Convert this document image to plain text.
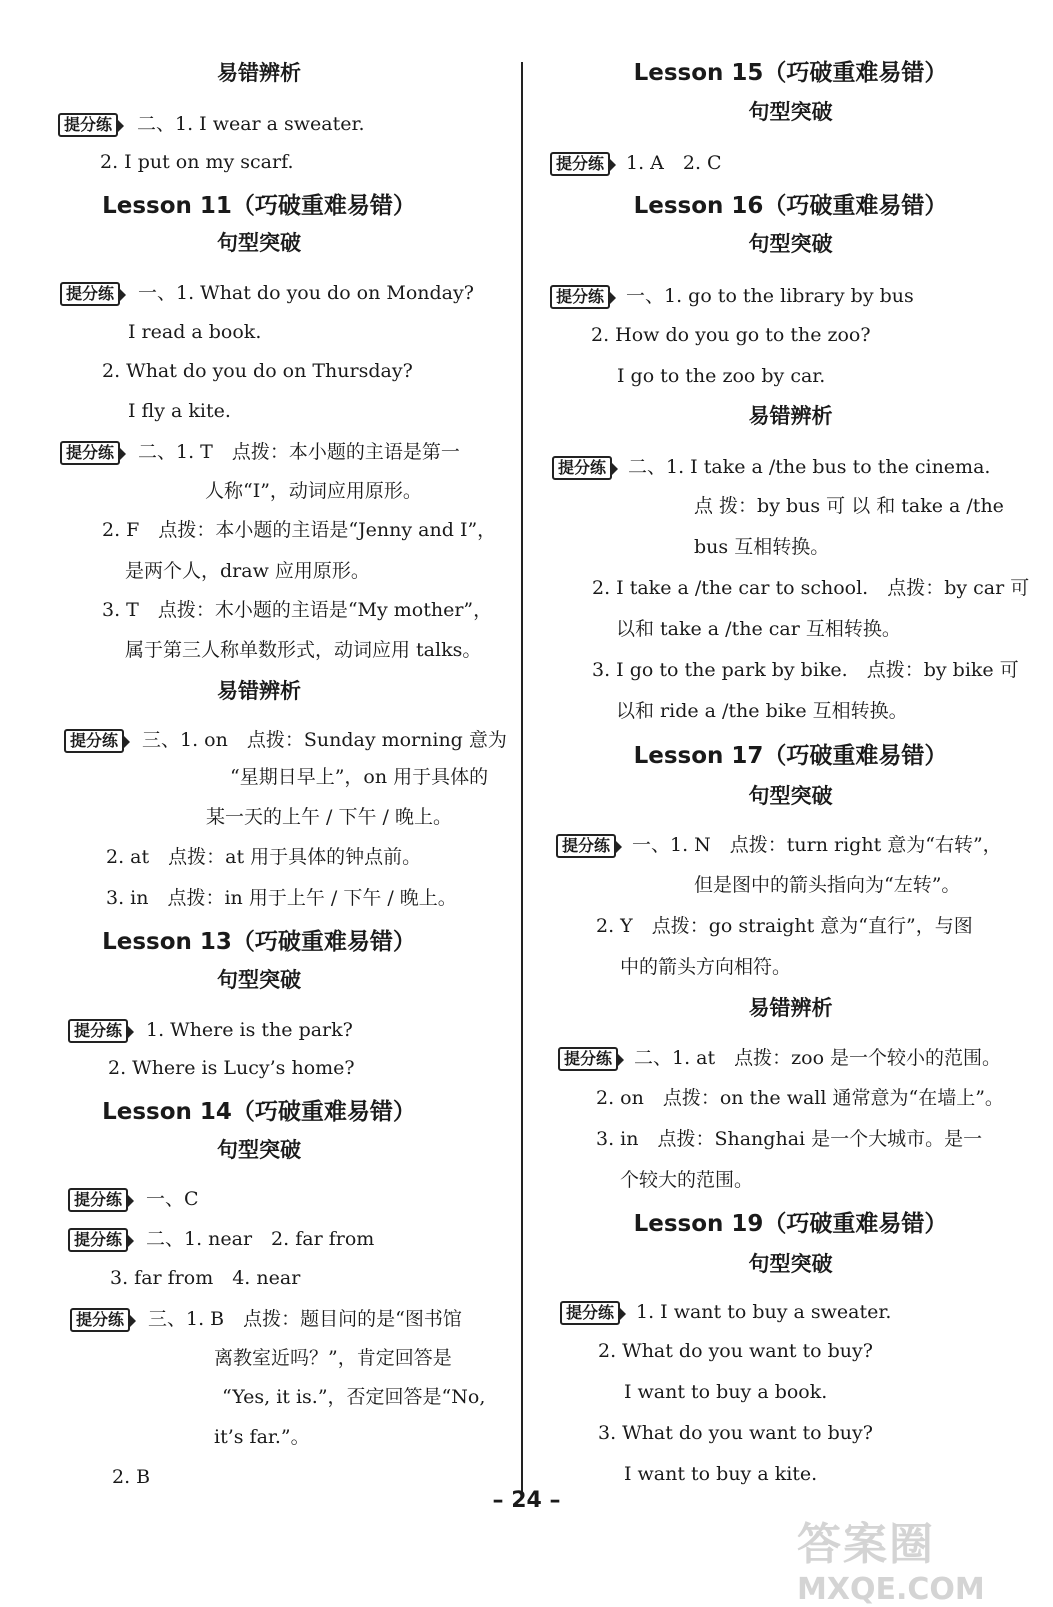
易错辨析
提分练	二、1. I wear a sweater.
2. I put on my scarf.
Lesson 11（巧破重难易错）
句型突破
提分练	一、1. What do you do on Monday?
I read a book.
2. What do you do on Thursday?
I fly a kite.
提分练	二、1. T　点拨：本小题的主语是第一
人称“I”，动词应用原形。
2. F　点拨：本小题的主语是“Jenny and I”，
是两个人，draw 应用原形。
3. T　点拨：木小题的主语是“My mother”，
属于第三人称单数形式，动词应用 talks。
易错辨析
提分练	三、1. on　点拨：Sunday morning 意为
“星期日早上”，on 用于具体的
某一天的上午 / 下午 / 晚上。
2. at　点拨：at 用于具体的钟点前。
3. in　点拨：in 用于上午 / 下午 / 晚上。
Lesson 13（巧破重难易错）
句型突破
提分练	1. Where is the park?
2. Where is Lucy’s home?
Lesson 14（巧破重难易错）
句型突破
提分练	一、C
提分练	二、1. near　2. far from
3. far from　4. near
提分练	三、1. B　点拨：题目问的是“图书馆
离教室近吗？”，肯定回答是
“Yes, it is.”，否定回答是“No,
it’s far.”。
2. B
Lesson 15（巧破重难易错）
句型突破
提分练	1. A　2. C
Lesson 16（巧破重难易错）
句型突破
提分练	一、1. go to the library by bus
2. How do you go to the zoo?
I go to the zoo by car.
易错辨析
提分练	二、1. I take a /the bus to the cinema.
点 拨：by bus 可 以 和 take a /the
bus 互相转换。
2. I take a /the car to school.　点拨：by car 可
以和 take a /the car 互相转换。
3. I go to the park by bike.　点拨：by bike 可
以和 ride a /the bike 互相转换。
Lesson 17（巧破重难易错）
句型突破
提分练	一、1. N　点拨：turn right 意为“右转”，
但是图中的箭头指向为“左转”。
2. Y　点拨：go straight 意为“直行”，与图
中的箭头方向相符。
易错辨析
提分练	二、1. at　点拨：zoo 是一个较小的范围。
2. on　点拨：on the wall 通常意为“在墙上”。
3. in　点拨：Shanghai 是一个大城市。是一
个较大的范围。
Lesson 19（巧破重难易错）
句型突破
提分练	1. I want to buy a sweater.
2. What do you want to buy?
I want to buy a book.
3. What do you want to buy?
I want to buy a kite.
– 24 –
答案圈
MXQE.COM
